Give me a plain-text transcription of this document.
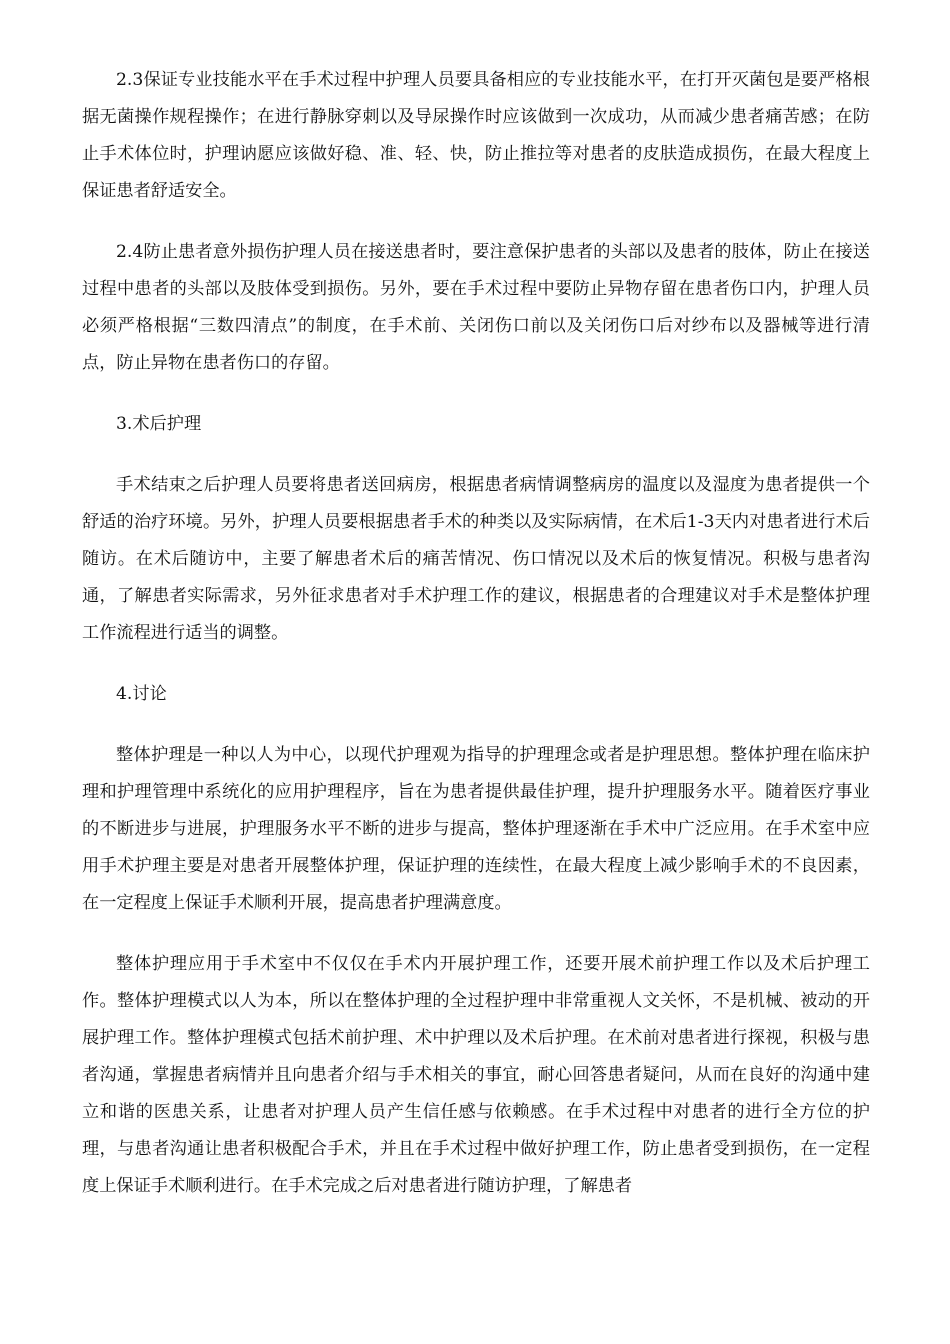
2.3保证专业技能水平在手术过程中护理人员要具备相应的专业技能水平，在打开灭菌包是要严格根据无菌操作规程操作；在进行静脉穿刺以及导尿操作时应该做到一次成功，从而减少患者痛苦感；在防止手术体位时，护理讷愿应该做好稳、准、轻、快，防止推拉等对患者的皮肤造成损伤，在最大程度上保证患者舒适安全。

2.4防止患者意外损伤护理人员在接送患者时，要注意保护患者的头部以及患者的肢体，防止在接送过程中患者的头部以及肢体受到损伤。另外，要在手术过程中要防止异物存留在患者伤口内，护理人员必须严格根据“三数四清点”的制度，在手术前、关闭伤口前以及关闭伤口后对纱布以及器械等进行清点，防止异物在患者伤口的存留。

3.术后护理

手术结束之后护理人员要将患者送回病房，根据患者病情调整病房的温度以及湿度为患者提供一个舒适的治疗环境。另外，护理人员要根据患者手术的种类以及实际病情，在术后1-3天内对患者进行术后随访。在术后随访中，主要了解患者术后的痛苦情况、伤口情况以及术后的恢复情况。积极与患者沟通，了解患者实际需求，另外征求患者对手术护理工作的建议，根据患者的合理建议对手术是整体护理工作流程进行适当的调整。

4.讨论

整体护理是一种以人为中心，以现代护理观为指导的护理理念或者是护理思想。整体护理在临床护理和护理管理中系统化的应用护理程序，旨在为患者提供最佳护理，提升护理服务水平。随着医疗事业的不断进步与进展，护理服务水平不断的进步与提高，整体护理逐渐在手术中广泛应用。在手术室中应用手术护理主要是对患者开展整体护理，保证护理的连续性，在最大程度上减少影响手术的不良因素，在一定程度上保证手术顺利开展，提高患者护理满意度。

整体护理应用于手术室中不仅仅在手术内开展护理工作，还要开展术前护理工作以及术后护理工作。整体护理模式以人为本，所以在整体护理的全过程护理中非常重视人文关怀，不是机械、被动的开展护理工作。整体护理模式包括术前护理、术中护理以及术后护理。在术前对患者进行探视，积极与患者沟通，掌握患者病情并且向患者介绍与手术相关的事宜，耐心回答患者疑问，从而在良好的沟通中建立和谐的医患关系，让患者对护理人员产生信任感与依赖感。在手术过程中对患者的进行全方位的护理，与患者沟通让患者积极配合手术，并且在手术过程中做好护理工作，防止患者受到损伤，在一定程度上保证手术顺利进行。在手术完成之后对患者进行随访护理，了解患者
